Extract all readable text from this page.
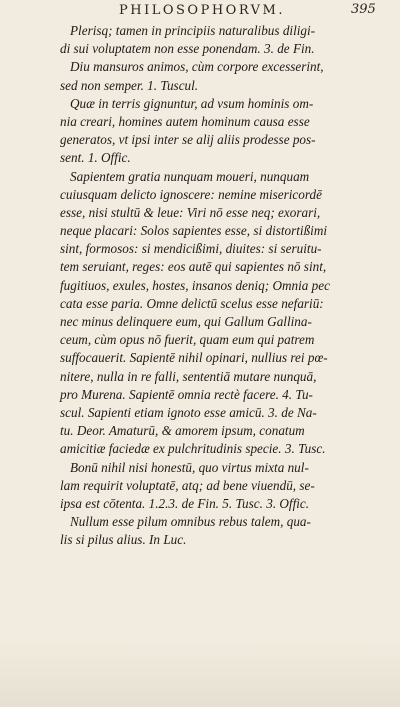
PHILOSOPHORVM.	395
Plerisq; tamen in principiis naturalibus diligi-
di sui voluptatem non esse ponendam. 3. de Fin.
Diu mansuros animos, cùm corpore excesserint,
sed non semper. 1. Tuscul.
Quæ in terris gignuntur, ad vsum hominis om-
nia creari, homines autem hominum causa esse
generatos, vt ipsi inter se alij aliis prodesse pos-
sent. 1. Offic.
Sapientem gratia nunquam moueri, nunquam
cuiusquam delicto ignoscere: nemine misericordē
esse, nisi stultū & leue: Viri nō esse neq; exorari,
neque placari: Solos sapientes esse, si distortißimi
sint, formosos: si mendicißimi, diuites: si seruitu-
tem seruiant, reges: eos autē qui sapientes nō sint,
fugitiuos, exules, hostes, insanos deniq; Omnia pec
cata esse paria. Omne delictū scelus esse nefariū:
nec minus delinquere eum, qui Gallum Gallina-
ceum, cùm opus nō fuerit, quam eum qui patrem
suffocauerit. Sapientē nihil opinari, nullius rei pœ-
nitere, nulla in re falli, sententiā mutare nunquā,
pro Murena. Sapientē omnia rectè facere. 4. Tu-
scul. Sapienti etiam ignoto esse amicū. 3. de Na-
tu. Deor. Amaturū, & amorem ipsum, conatum
amicitiæ faciedæ ex pulchritudinis specie. 3. Tusc.
Bonū nihil nisi honestū, quo virtus mixta nul-
lam requirit voluptatē, atq; ad bene viuendū, se-
ipsa est cōtenta. 1.2.3. de Fin. 5. Tusc. 3. Offic.
Nullum esse pilum omnibus rebus talem, qua-
lis si pilus alius. In Luc.
